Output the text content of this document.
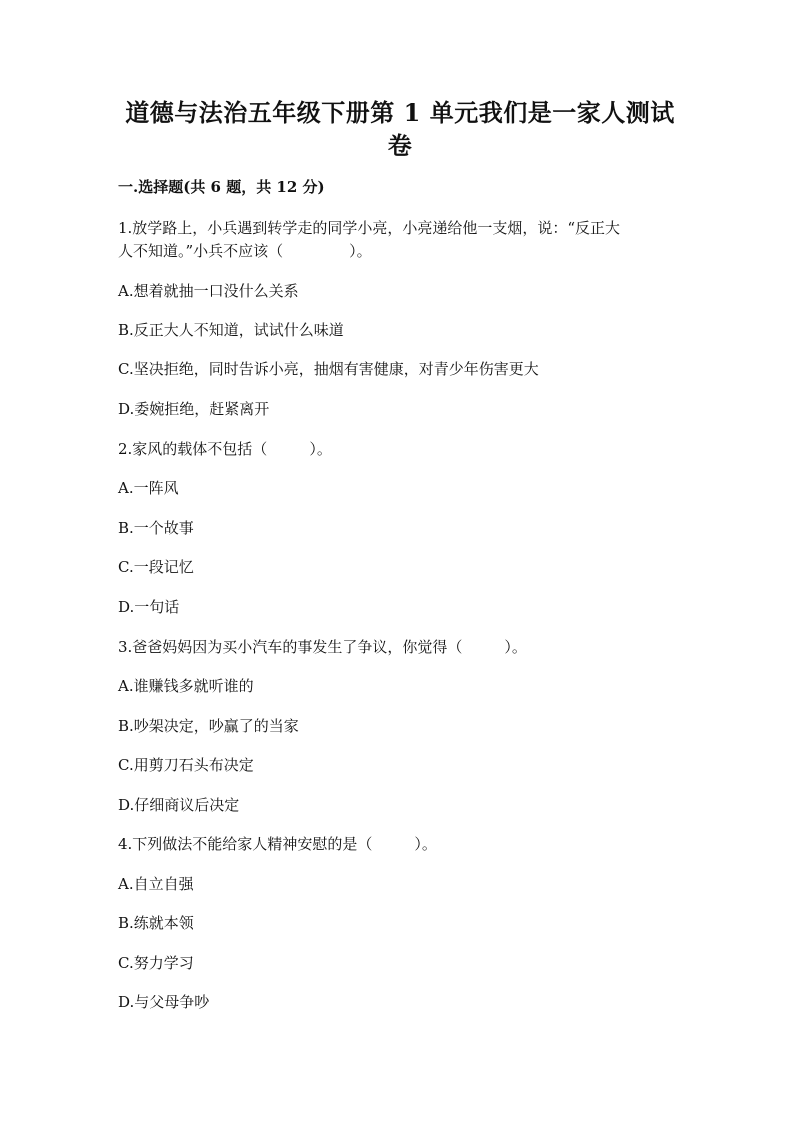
道德与法治五年级下册第 1 单元我们是一家人测试
卷
一.选择题(共 6 题，共 12 分)
1.放学路上，小兵遇到转学走的同学小亮，小亮递给他一支烟，说：“反正大
人不知道。”小兵不应该（	）。
A.想着就抽一口没什么关系
B.反正大人不知道，试试什么味道
C.坚决拒绝，同时告诉小亮，抽烟有害健康，对青少年伤害更大
D.委婉拒绝，赶紧离开
2.家风的载体不包括（	）。
A.一阵风
B.一个故事
C.一段记忆
D.一句话
3.爸爸妈妈因为买小汽车的事发生了争议，你觉得（	）。
A.谁赚钱多就听谁的
B.吵架决定，吵赢了的当家
C.用剪刀石头布决定
D.仔细商议后决定
4.下列做法不能给家人精神安慰的是（	）。
A.自立自强
B.练就本领
C.努力学习
D.与父母争吵
